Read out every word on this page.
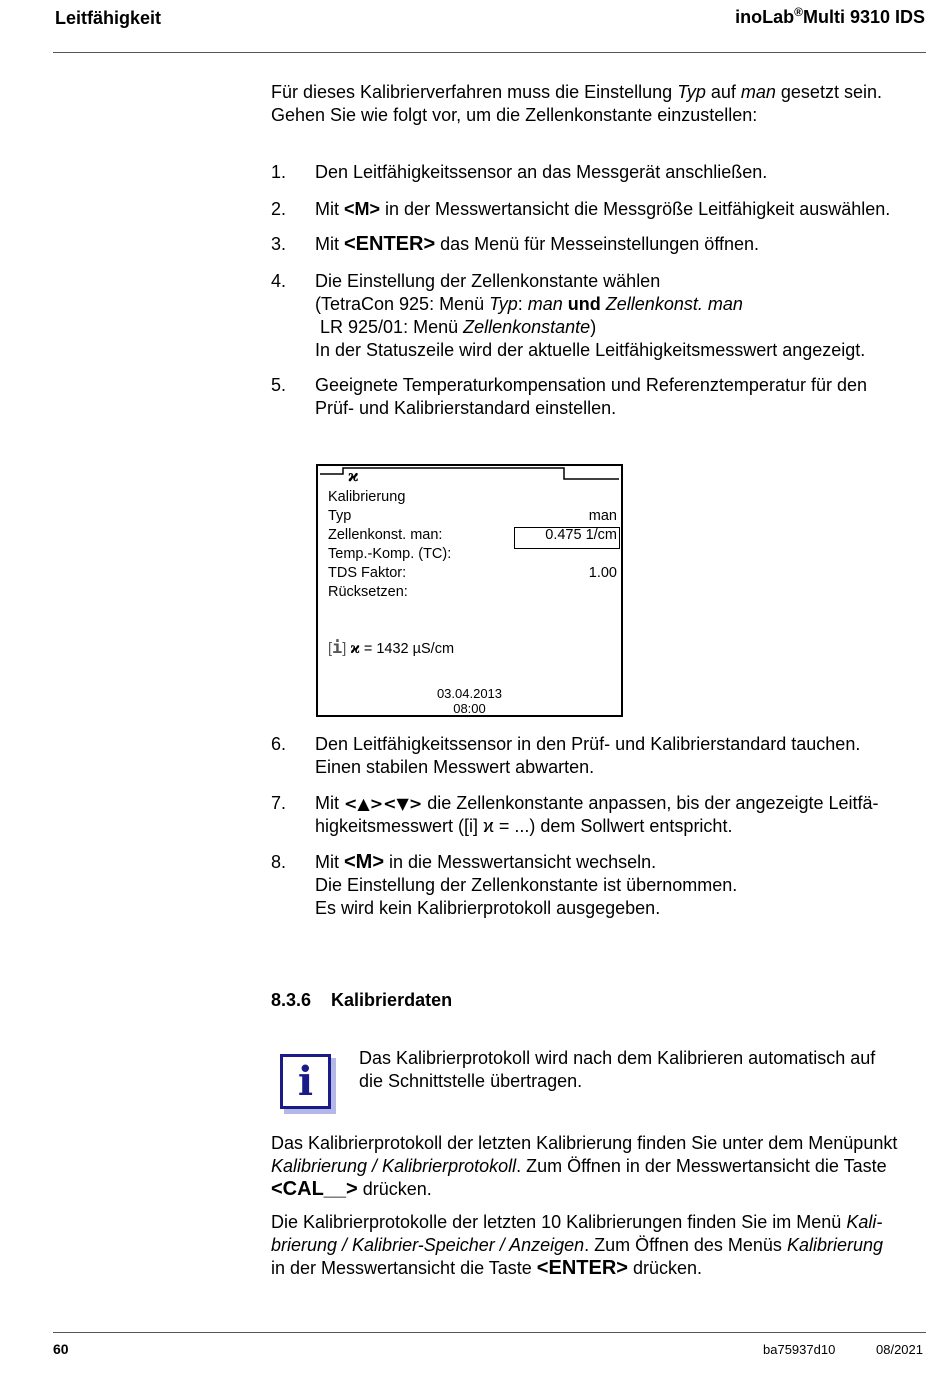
Leitfähigkeit	inoLab®Multi 9310 IDS
Für dieses Kalibrierverfahren muss die Einstellung Typ auf man gesetzt sein.
Gehen Sie wie folgt vor, um die Zellenkonstante einzustellen:
1. Den Leitfähigkeitssensor an das Messgerät anschließen.
2. Mit <M> in der Messwertansicht die Messgröße Leitfähigkeit auswählen.
3. Mit <ENTER> das Menü für Messeinstellungen öffnen.
4. Die Einstellung der Zellenkonstante wählen
(TetraCon 925: Menü Typ: man und Zellenkonst. man
LR 925/01: Menü Zellenkonstante)
In der Statuszeile wird der aktuelle Leitfähigkeitsmesswert angezeigt.
5. Geeignete Temperaturkompensation und Referenztemperatur für den
Prüf- und Kalibrierstandard einstellen.
ϰ
Kalibrierung
Typ	man
Zellenkonst. man:	0.475 1/cm
Temp.-Komp. (TC):
TDS Faktor:	1.00
Rücksetzen:
[i] ϰ = 1432 µS/cm
03.04.2013
08:00
6. Den Leitfähigkeitssensor in den Prüf- und Kalibrierstandard tauchen.
Einen stabilen Messwert abwarten.
7. Mit <▲><▼> die Zellenkonstante anpassen, bis der angezeigte Leitfä-
higkeitsmesswert ([i] ϰ = ...) dem Sollwert entspricht.
8. Mit <M> in die Messwertansicht wechseln.
Die Einstellung der Zellenkonstante ist übernommen.
Es wird kein Kalibrierprotokoll ausgegeben.
8.3.6 Kalibrierdaten
i	Das Kalibrierprotokoll wird nach dem Kalibrieren automatisch auf
die Schnittstelle übertragen.
Das Kalibrierprotokoll der letzten Kalibrierung finden Sie unter dem Menüpunkt
Kalibrierung / Kalibrierprotokoll. Zum Öffnen in der Messwertansicht die Taste
<CAL__> drücken.
Die Kalibrierprotokolle der letzten 10 Kalibrierungen finden Sie im Menü Kali-
brierung / Kalibrier-Speicher / Anzeigen. Zum Öffnen des Menüs Kalibrierung
in der Messwertansicht die Taste <ENTER> drücken.
60	ba75937d10	08/2021
